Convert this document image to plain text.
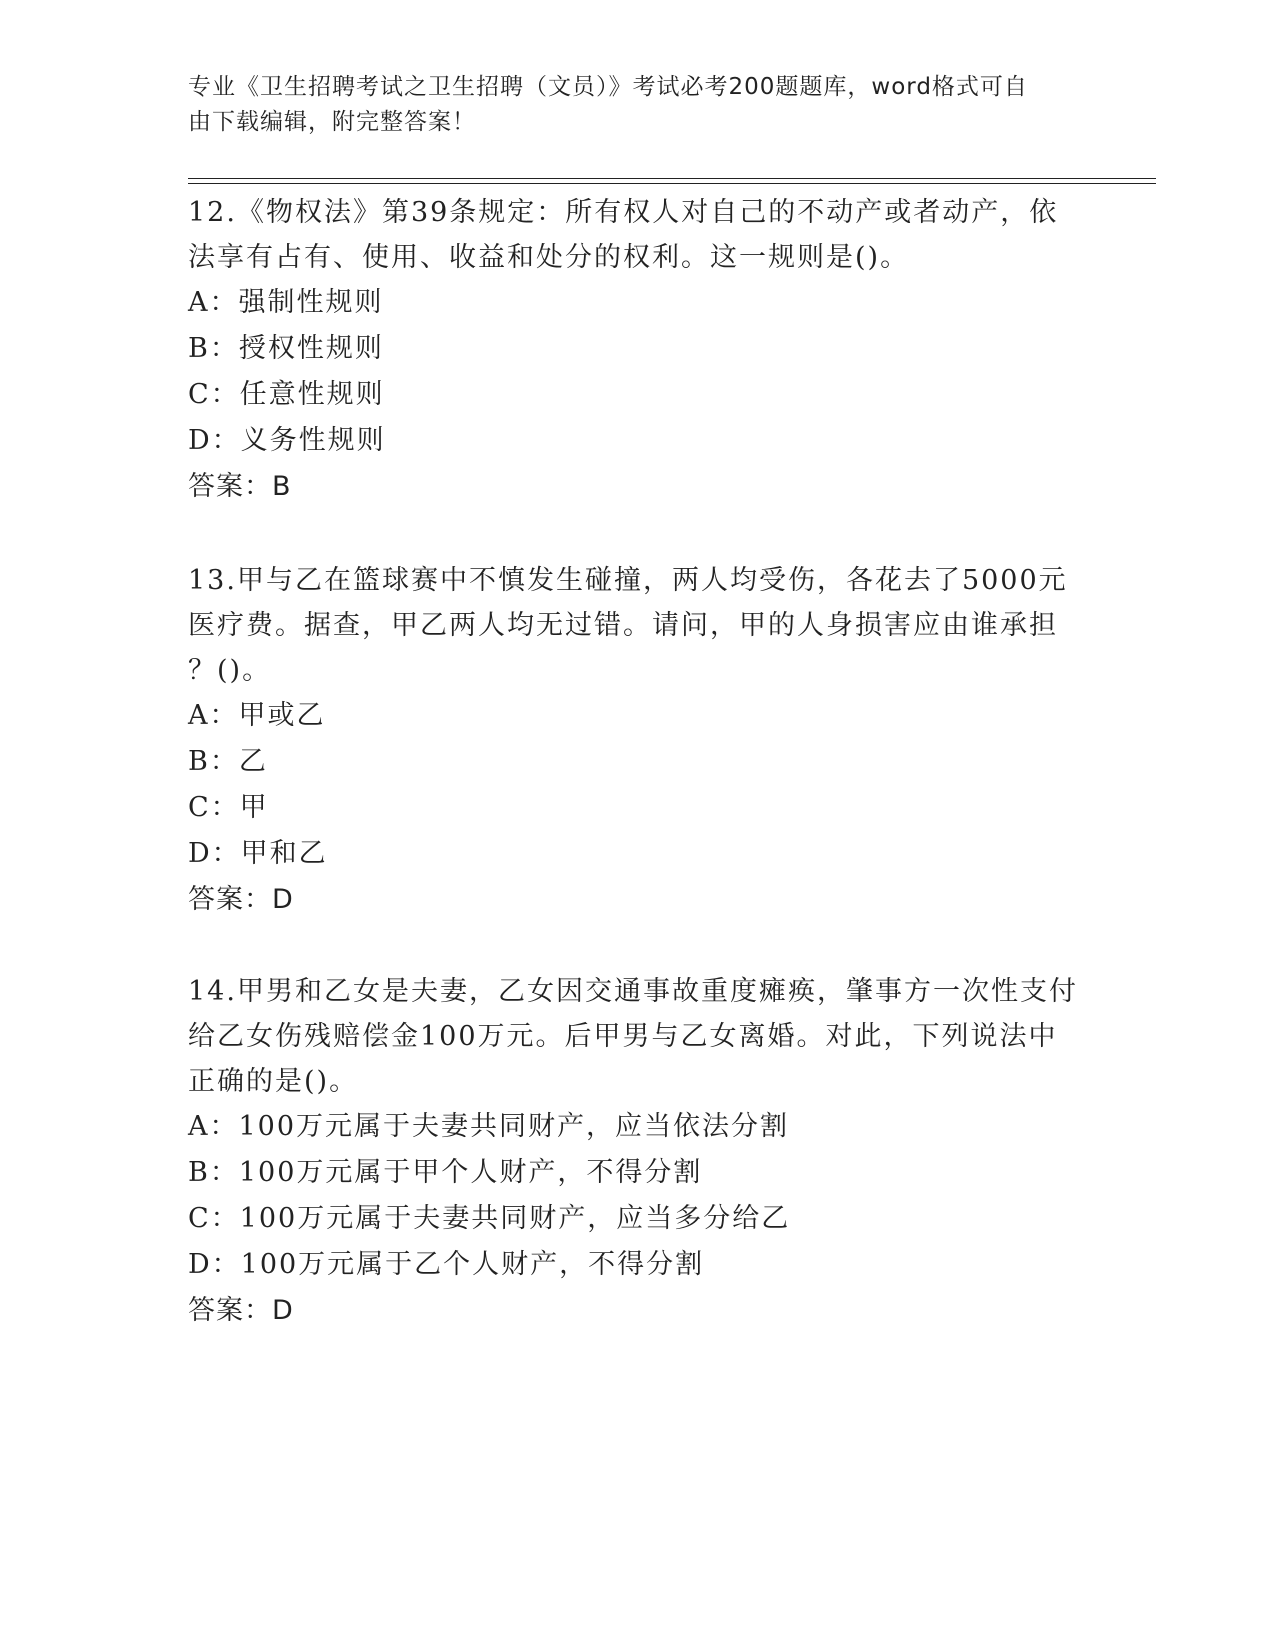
专业《卫生招聘考试之卫生招聘（文员）》考试必考200题题库，word格式可自
由下载编辑，附完整答案！
12.《物权法》第39条规定：所有权人对自己的不动产或者动产，依
法享有占有、使用、收益和处分的权利。这一规则是()。
A：强制性规则
B：授权性规则
C：任意性规则
D：义务性规则
答案：B
13.甲与乙在篮球赛中不慎发生碰撞，两人均受伤，各花去了5000元
医疗费。据查，甲乙两人均无过错。请问，甲的人身损害应由谁承担
？()。
A：甲或乙
B：乙
C：甲
D：甲和乙
答案：D
14.甲男和乙女是夫妻，乙女因交通事故重度瘫痪，肇事方一次性支付
给乙女伤残赔偿金100万元。后甲男与乙女离婚。对此，下列说法中
正确的是()。
A：100万元属于夫妻共同财产，应当依法分割
B：100万元属于甲个人财产，不得分割
C：100万元属于夫妻共同财产，应当多分给乙
D：100万元属于乙个人财产，不得分割
答案：D
